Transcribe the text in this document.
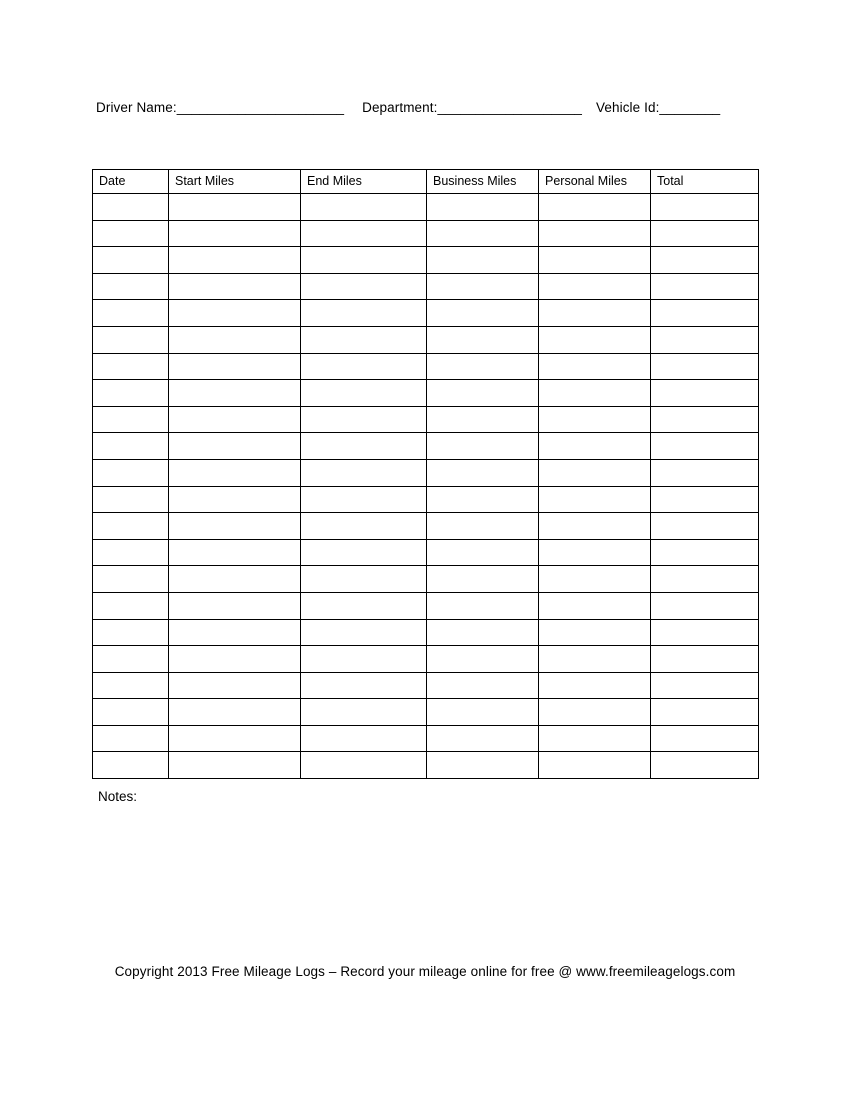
Driver Name:______________________ Department:___________________ Vehicle Id:________
Date	Start Miles	End Miles	Business Miles	Personal Miles	Total

Notes:
Copyright 2013 Free Mileage Logs – Record your mileage online for free @ www.freemileagelogs.com
